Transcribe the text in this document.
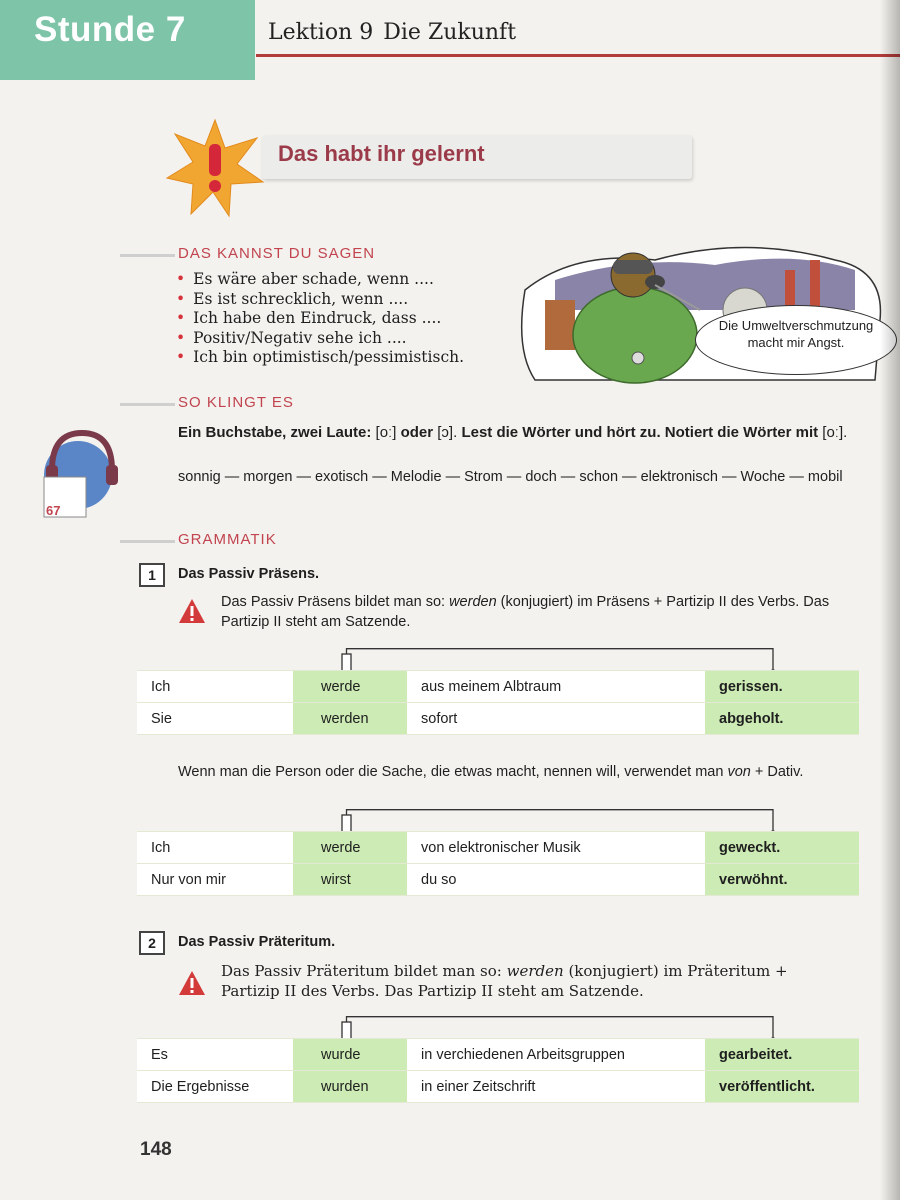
Stunde 7	Lektion 9 Die Zukunft
Das habt ihr gelernt
DAS KANNST DU SAGEN
• Es wäre aber schade, wenn ....
• Es ist schrecklich, wenn ....
• Ich habe den Eindruck, dass ....
• Positiv/Negativ sehe ich ....
• Ich bin optimistisch/pessimistisch.
Die Umweltverschmutzung macht mir Angst.
SO KLINGT ES
67
Ein Buchstabe, zwei Laute: [oː] oder [ɔ]. Lest die Wörter und hört zu. Notiert die Wörter mit [oː].
sonnig — morgen — exotisch — Melodie — Strom — doch — schon — elektronisch — Woche — mobil
GRAMMATIK
1	Das Passiv Präsens.
Das Passiv Präsens bildet man so: werden (konjugiert) im Präsens + Partizip II des Verbs. Das Partizip II steht am Satzende.
Ich	werde	aus meinem Albtraum	gerissen.
Sie	werden	sofort	abgeholt.
Wenn man die Person oder die Sache, die etwas macht, nennen will, verwendet man von + Dativ.
Ich	werde	von elektronischer Musik	geweckt.
Nur von mir	wirst	du so	verwöhnt.
2	Das Passiv Präteritum.
Das Passiv Präteritum bildet man so: werden (konjugiert) im Präteritum + Partizip II des Verbs. Das Partizip II steht am Satzende.
Es	wurde	in verchiedenen Arbeitsgruppen	gearbeitet.
Die Ergebnisse	wurden	in einer Zeitschrift	veröffentlicht.
148
